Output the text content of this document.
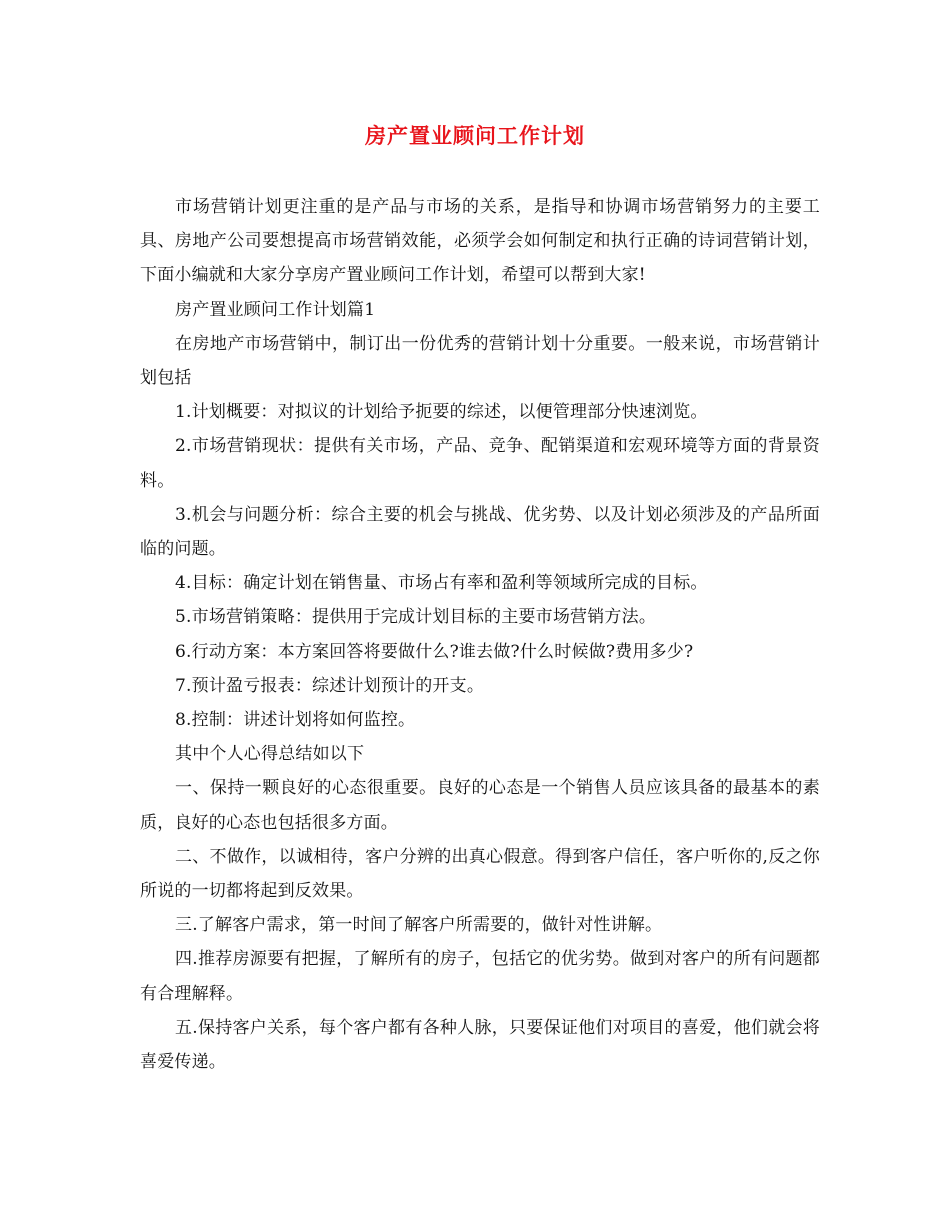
房产置业顾问工作计划

市场营销计划更注重的是产品与市场的关系，是指导和协调市场营销努力的主要工具、房地产公司要想提高市场营销效能，必须学会如何制定和执行正确的诗词营销计划，下面小编就和大家分享房产置业顾问工作计划，希望可以帮到大家!

房产置业顾问工作计划篇1

在房地产市场营销中，制订出一份优秀的营销计划十分重要。一般来说，市场营销计划包括

1.计划概要：对拟议的计划给予扼要的综述，以便管理部分快速浏览。

2.市场营销现状：提供有关市场，产品、竞争、配销渠道和宏观环境等方面的背景资料。

3.机会与问题分析：综合主要的机会与挑战、优劣势、以及计划必须涉及的产品所面临的问题。

4.目标：确定计划在销售量、市场占有率和盈利等领域所完成的目标。

5.市场营销策略：提供用于完成计划目标的主要市场营销方法。

6.行动方案：本方案回答将要做什么?谁去做?什么时候做?费用多少?

7.预计盈亏报表：综述计划预计的开支。

8.控制：讲述计划将如何监控。

其中个人心得总结如以下

一、保持一颗良好的心态很重要。良好的心态是一个销售人员应该具备的最基本的素质，良好的心态也包括很多方面。

二、不做作，以诚相待，客户分辨的出真心假意。得到客户信任，客户听你的,反之你所说的一切都将起到反效果。

三.了解客户需求，第一时间了解客户所需要的，做针对性讲解。

四.推荐房源要有把握，了解所有的房子，包括它的优劣势。做到对客户的所有问题都有合理解释。

五.保持客户关系，每个客户都有各种人脉，只要保证他们对项目的喜爱，他们就会将喜爱传递。
